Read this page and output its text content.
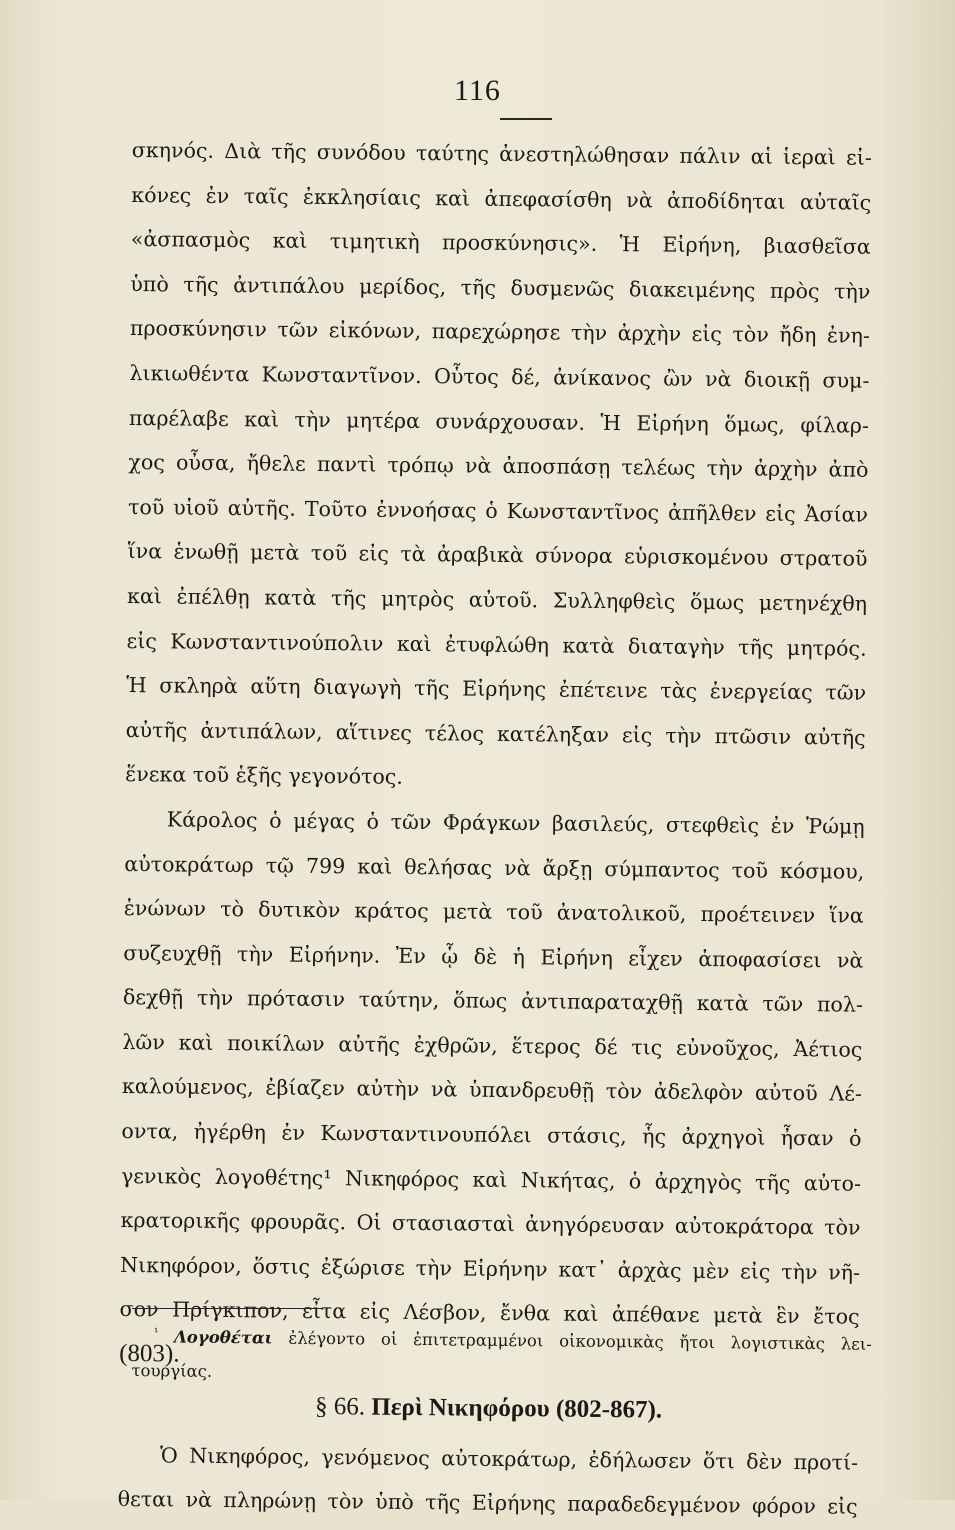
116
σκηνός. Διὰ τῆς συνόδου ταύτης ἀνεστηλώθησαν πάλιν αἱ ἱεραὶ εἰ-
κόνες ἐν ταῖς ἐκκλησίαις καὶ ἀπεφασίσθη νὰ ἀποδίδηται αὐταῖς
«ἀσπασμὸς καὶ τιμητικὴ προσκύνησις». Ἡ Εἰρήνη, βιασθεῖσα
ὑπὸ τῆς ἀντιπάλου μερίδος, τῆς δυσμενῶς διακειμένης πρὸς τὴν
προσκύνησιν τῶν εἰκόνων, παρεχώρησε τὴν ἀρχὴν εἰς τὸν ἤδη ἐνη-
λικιωθέντα Κωνσταντῖνον. Οὗτος δέ, ἀνίκανος ὢν νὰ διοικῇ συμ-
παρέλαβε καὶ τὴν μητέρα συνάρχουσαν. Ἡ Εἰρήνη ὅμως, φίλαρ-
χος οὖσα, ἤθελε παντὶ τρόπῳ νὰ ἀποσπάσῃ τελέως τὴν ἀρχὴν ἀπὸ
τοῦ υἱοῦ αὐτῆς. Τοῦτο ἐννοήσας ὁ Κωνσταντῖνος ἀπῆλθεν εἰς Ἀσίαν
ἵνα ἑνωθῇ μετὰ τοῦ εἰς τὰ ἀραβικὰ σύνορα εὑρισκομένου στρατοῦ
καὶ ἐπέλθῃ κατὰ τῆς μητρὸς αὐτοῦ. Συλληφθεὶς ὅμως μετηνέχθη
εἰς Κωνσταντινούπολιν καὶ ἐτυφλώθη κατὰ διαταγὴν τῆς μητρός.
Ἡ σκληρὰ αὕτη διαγωγὴ τῆς Εἰρήνης ἐπέτεινε τὰς ἐνεργείας τῶν
αὐτῆς ἀντιπάλων, αἵτινες τέλος κατέληξαν εἰς τὴν πτῶσιν αὐτῆς
ἕνεκα τοῦ ἑξῆς γεγονότος.
Κάρολος ὁ μέγας ὁ τῶν Φράγκων βασιλεύς, στεφθεὶς ἐν Ῥώμῃ
αὐτοκράτωρ τῷ 799 καὶ θελήσας νὰ ἄρξῃ σύμπαντος τοῦ κόσμου,
ἑνώνων τὸ δυτικὸν κράτος μετὰ τοῦ ἀνατολικοῦ, προέτεινεν ἵνα
συζευχθῇ τὴν Εἰρήνην. Ἐν ᾧ δὲ ἡ Εἰρήνη εἶχεν ἀποφασίσει νὰ
δεχθῇ τὴν πρότασιν ταύτην, ὅπως ἀντιπαραταχθῇ κατὰ τῶν πολ-
λῶν καὶ ποικίλων αὐτῆς ἐχθρῶν, ἕτερος δέ τις εὐνοῦχος, Ἀέτιος
καλούμενος, ἐβίαζεν αὐτὴν νὰ ὑπανδρευθῇ τὸν ἀδελφὸν αὐτοῦ Λέ-
οντα, ἠγέρθη ἐν Κωνσταντινουπόλει στάσις, ἧς ἀρχηγοὶ ἦσαν ὁ
γενικὸς λογοθέτης¹ Νικηφόρος καὶ Νικήτας, ὁ ἀρχηγὸς τῆς αὐτο-
κρατορικῆς φρουρᾶς. Οἱ στασιασταὶ ἀνηγόρευσαν αὐτοκράτορα τὸν
Νικηφόρον, ὅστις ἐξώρισε τὴν Εἰρήνην κατ᾽ ἀρχὰς μὲν εἰς τὴν νῆ-
σον Πρίγκιπον, εἶτα εἰς Λέσβον, ἔνθα καὶ ἀπέθανε μετὰ ἓν ἔτος
(803).
§ 66. Περὶ Νικηφόρου (802-867).
Ὁ Νικηφόρος, γενόμενος αὐτοκράτωρ, ἐδήλωσεν ὅτι δὲν προτί-
θεται νὰ πληρώνῃ τὸν ὑπὸ τῆς Εἰρήνης παραδεδεγμένον φόρον εἰς
$^{^1}$ Λογοθέται ἐλέγοντο οἱ ἐπιτετραμμένοι οἰκονομικὰς ἤτοι λογιστικὰς λει-
τουργίας.
